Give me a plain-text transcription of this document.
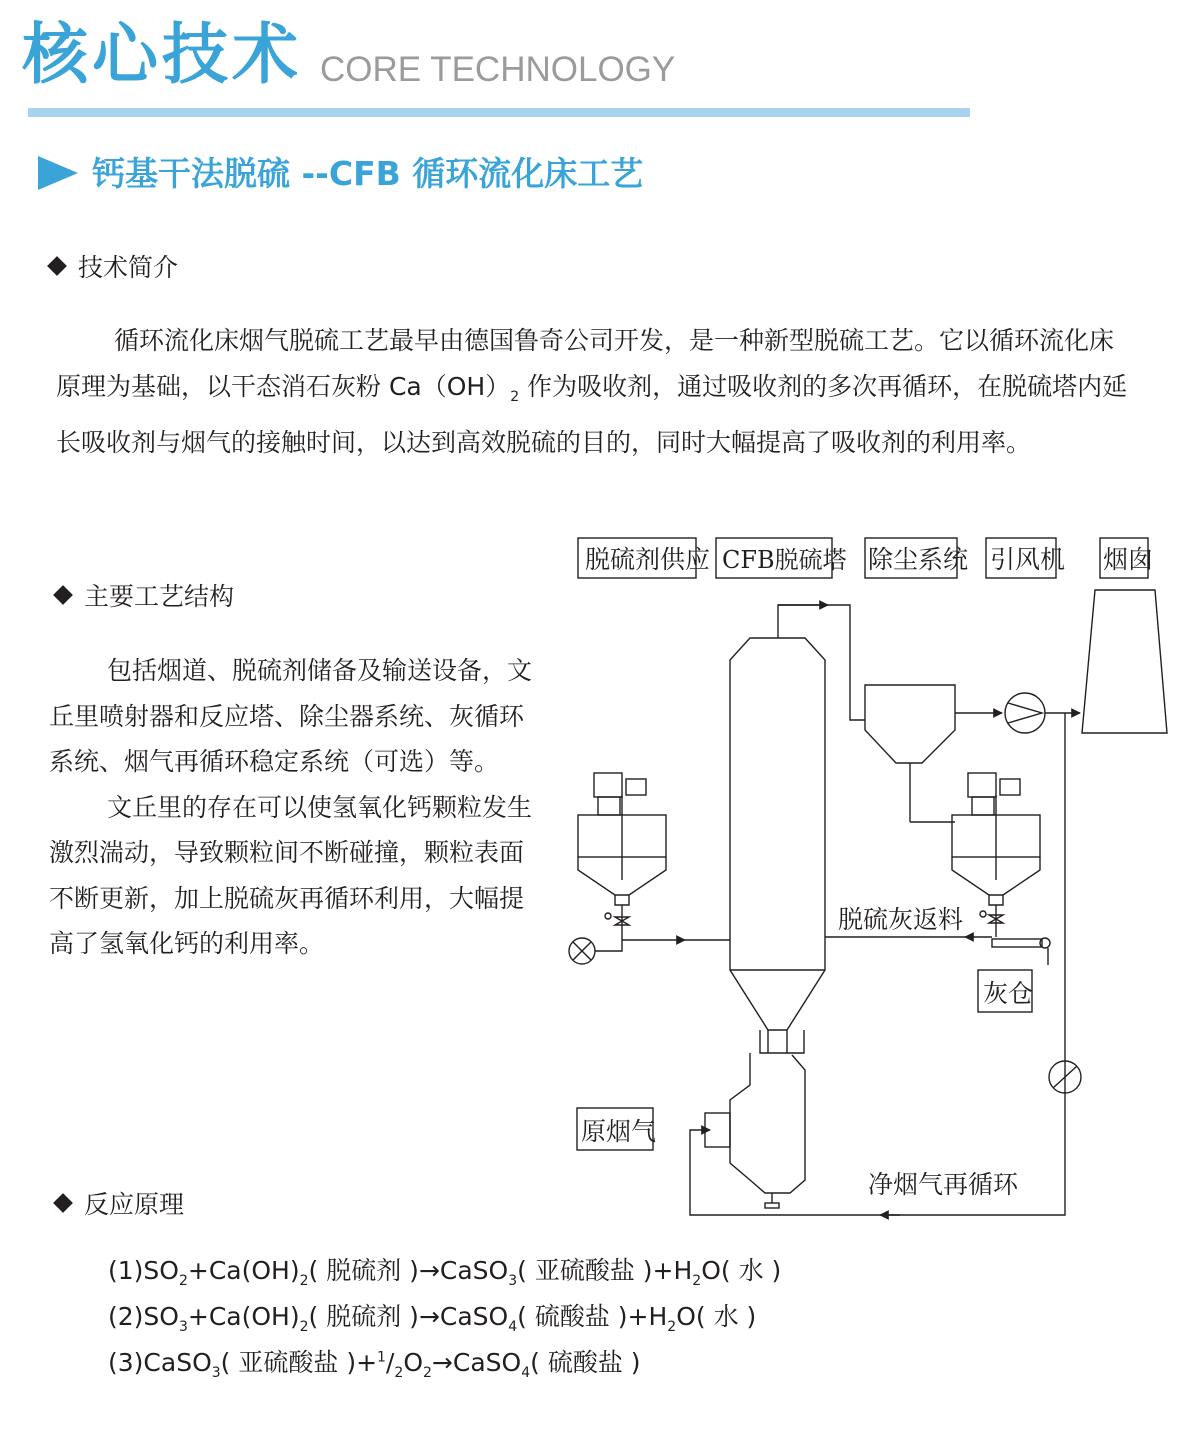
核心技术 CORE TECHNOLOGY
钙基干法脱硫 --CFB 循环流化床工艺
技术简介

循环流化床烟气脱硫工艺最早由德国鲁奇公司开发，是一种新型脱硫工艺。它以循环流化床原理为基础，以干态消石灰粉 $Ca(OH)_2$ 作为吸收剂，通过吸收剂的多次再循环，在脱硫塔内延长吸收剂与烟气的接触时间，以达到高效脱硫的目的，同时大幅提高了吸收剂的利用率。

主要工艺结构

包括烟道、脱硫剂储备及输送设备，文丘里喷射器和反应塔、除尘器系统、灰循环系统、烟气再循环稳定系统（可选）等。

文丘里的存在可以使氢氧化钙颗粒发生激烈湍动，导致颗粒间不断碰撞，颗粒表面不断更新，加上脱硫灰再循环利用，大幅提高了氢氧化钙的利用率。

脱硫剂供应 CFB脱硫塔 除尘系统 引风机 烟囱
脱硫灰返料
灰仓
原烟气
净烟气再循环
反应原理
$(1)SO_2+Ca(OH)_2$( 脱硫剂 )→CaSO$_3$( 亚硫酸盐 )$+H_2O$( 水 )
$(2)SO_3+Ca(OH)_2$( 脱硫剂 )→CaSO$_4$( 硫酸盐 )$+H_2O$( 水 )
(3)CaSO$_3$( 亚硫酸盐 )$+^1/_2O_2\to CaSO_4$( 硫酸盐 )
